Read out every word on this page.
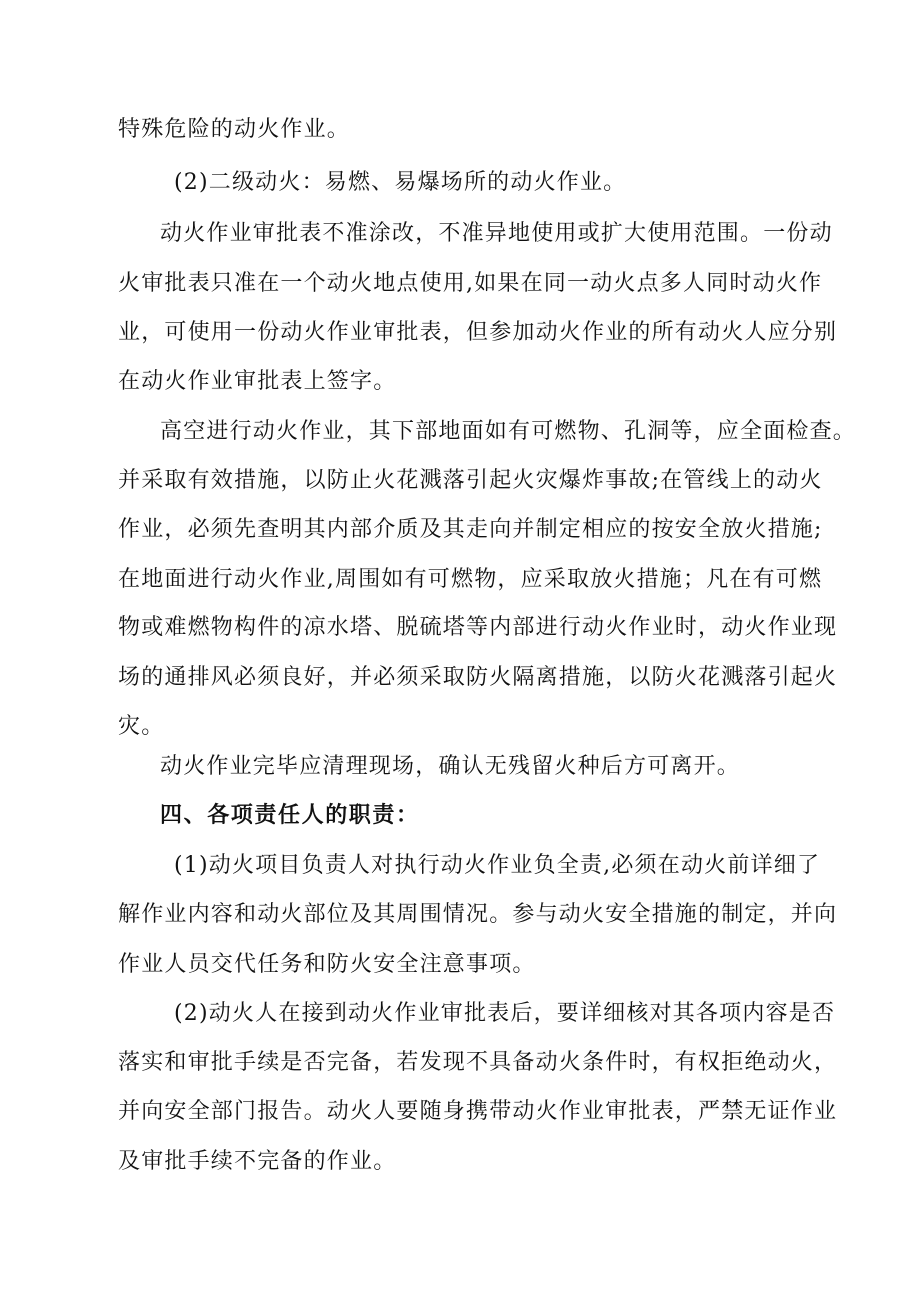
特殊危险的动火作业。
(2)二级动火：易燃、易爆场所的动火作业。
动火作业审批表不准涂改，不准异地使用或扩大使用范围。一份动
火审批表只准在一个动火地点使用,如果在同一动火点多人同时动火作
业，可使用一份动火作业审批表，但参加动火作业的所有动火人应分别
在动火作业审批表上签字。
高空进行动火作业，其下部地面如有可燃物、孔洞等，应全面检查。
并采取有效措施，以防止火花溅落引起火灾爆炸事故;在管线上的动火
作业，必须先查明其内部介质及其走向并制定相应的按安全放火措施;
在地面进行动火作业,周围如有可燃物，应采取放火措施；凡在有可燃
物或难燃物构件的凉水塔、脱硫塔等内部进行动火作业时，动火作业现
场的通排风必须良好，并必须采取防火隔离措施，以防火花溅落引起火
灾。
动火作业完毕应清理现场，确认无残留火种后方可离开。
四、各项责任人的职责：
(1)动火项目负责人对执行动火作业负全责,必须在动火前详细了
解作业内容和动火部位及其周围情况。参与动火安全措施的制定，并向
作业人员交代任务和防火安全注意事项。
(2)动火人在接到动火作业审批表后，要详细核对其各项内容是否
落实和审批手续是否完备，若发现不具备动火条件时，有权拒绝动火，
并向安全部门报告。动火人要随身携带动火作业审批表，严禁无证作业
及审批手续不完备的作业。
